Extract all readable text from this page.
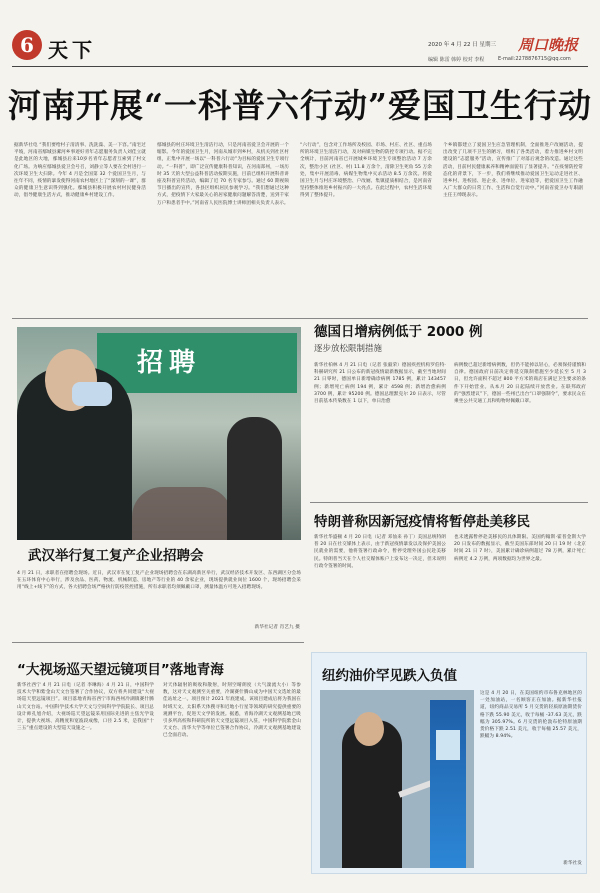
6 天下	2020 年 4 月 22 日 星期三 周口晚报
编辑 陈雷 韩婷 校对 李程	E-mail:2278876715@qq.com
河南开展“一科普六行动”爱国卫生行动
据新华社电 “我们要给村子清清事、洗洗澡、美一下容。”南宅过平坡，河南省鄢城县漯河乡事迹好青年志愿服务负责人刘佳立就是此地区的大地，鄢城县后来10岁名青年志愿者互索到了村文化广场。为响应鄢城县爱卫会号召，刘静立等人要在全村进行一次环境卫生大扫除。今年 4 月是全国第 32 个爱国卫生月，与往年不同，疫情的暴发使得河南农村地区上了“深刻的一课”，群众的健康卫生意识得到强化。鄢城县积极开展农村村民健身活动，倡导健康生活方式，推动健康乡村建设工作。
鄢城县的村庄环境卫生清洁行动，只是河南省爱卫会开展的一个缩影。今年的爱国卫生月，河南从城市到乡村，从机关到社区村组，正集中开展一场以“一科普六行动”为目标的爱国卫生专项行动。“一科普”，即广泛宣传健康科普知识，在河南郑州，一场历时 35 天的大型公益科普活动按期实施，目前已组织开展科普讲座及科普宣传活动，编辑了近 70 名专家参与。通过 60 期视频节目播出的宣传，各县区组织居民参观学习。“我们想通过这种方式，把疫情下大家最关心的居家健康问题解答清楚，送到千家万户和患者手中。”河南省人民医院博士讲师团相关负责人表示。
“六行动”，包含对工作场所及校园、市场、村庄、社区、重点场所的环境卫生清洁行动，及对病媒生物的防控专项行动。据不完全统计，目前河南省已开展城乡环境卫生专项整治活动 7 万余次，整治小区 (社区、村) 11.8 万余个，清除卫生死角 55 万余处，集中开展消毒、病媒生物集中灭杀活动 8.5 万余次。将爱国卫生月与村庄环境整治、户改厕、集镇提质相结合，是河南省坚持整体推进乡村振兴的一大亮点。在此过程中，农村生活环境得到了整体提升。
个乡镇都建立了爱国卫生应急管理机制，全面推进户改厕活动，提出改变了几项不卫生的陋习，组织了各类活动，着力推进乡村文明建设的“志愿服务”活动，宣传推广了对落后观念的改造。通过这些活动，目前村民健康素养和精神面貌有了显著提升。“在疫情防控常态化的背景下，下一步，我们将继续推动爱国卫生运动走进社区、进乡村、进校园、进企业、进单位、进家庭等，把爱国卫生工作融入广大群众的日常工作、生活和自觉行动中。”河南省爱卫办专职副主任王绅现表示。
招聘
武汉举行复工复产企业招聘会
4 月 21 日，求职者在招聘会现场。近日，武汉市在复工复产企业现场招聘会在东湖高新区举行，武汉经济技术开发区、东西湖区分会场在五环体育中心举行，涉及食品、医药、物流、机械制造、房地产等行业的 40 余家企业，现场提供就业岗位 1600 个，现场招聘会采用“线上+线下”的方式，各大招聘会场严格执行防疫管控措施，所有求职者均须佩戴口罩，测量体温方可进入招聘现场。
新华社记者 肖艺九 摄
“大视场巡天望远镜项目”落地青海
新华社西宁 4 月 21 日电（记者 李琳海）4 月 21 日，中国科学技术大学和紫金山天文台签署了合作协议，双方将共同建设“大视场巡天望远镜项目”。项目落地青海省西宁市海西州冷湖镇赛什腾山天文台站。中国科学技术大学天文与空间科学学院院长、项目总设计师孔旭介绍，大视场巡天望远镜采用国际先进的主焦光学设计，提供大视场、高精度和宽波段成像，口径 2.5 米，是我国“十三五”重点建设的大型巡天设施之一。
对天体辐射的吸收和散射，时刻空晴朗度（大气湍流大小）等参数，这对天文观测至关重要，冷湖赛什腾山成为中国天文选址的最佳站址之一。项目预计 2021 年底建成。该项目建成后将为我国在时域天文、太阳系天体搜寻和近地小行星等领域的研究提供重要的观测平台，促进天文学的发展。据悉，青海冷湖天文观测基地已吸引多所高校和科研院所的天文望远镜项目入驻，中国科学院紫金山天文台、清华大学等单位已签署合作协议，冷湖天文观测基地建设已全面启动。
德国日增病例低于 2000 例
逐步放松限制措施
新华社柏林 4 月 21 日电（记者 张毅荣）德国疾控机构罗伯特·科赫研究所 21 日公布的新冠疫情最新数据显示，截至当地时间 21 日零时，德国单日新增确诊病例 1785 例，累计 143457 例；新增死亡病例 194 例，累计 4598 例；新增治愈病例 3700 例，累计 95200 例。德国总理默克尔 20 日表示，尽管目前基本传染数在 1 以下，单日治愈
病例数已超过新增病例数，但仍不能掉以轻心，必须保持谨慎和自律。德国政府日前决定将延交限制措施至少延长至 5 月 3 日，但允许面积不超过 800 平方米的商店在满足卫生要求的条件下开始营业。从本月 20 日起陆续开放营业。在联邦政府的“强烈建议”下，德国一些州已出台“口罩强制令”，要求民众在乘坐公共交通工具和购物时佩戴口罩。
特朗普称因新冠疫情将暂停赴美移民
新华社华盛顿 4 月 20 日电（记者 邓仙来 孙丁）美国总统特朗普 20 日在社交媒体上表示，由于新冠疫情暴发以及保护美国公民就业的需要，他将签署行政命令，暂停受理外国公民赴美移民。特朗普当天在个人社交媒体账户上发布这一决定，但未说明行政令签署的时间。
也未透露暂停赴美移民的具体期限。美国约翰斯·霍普金斯大学 20 日发布的数据显示，截至美国东部时间 20 日 19 时（北京时间 21 日 7 时），美国累计确诊病例超过 78 万例，累计死亡病例近 4.2 万例，两项数据均为世界之最。
纽约油价罕见跌入负值
这是 4 月 20 日，在美国纽约市布鲁克林地区的一处加油站，一名顾客正在加油。据新华社报道，纽约商品交易所 5 月交货的轻质原油期货价格下跌 55.90 美元，收于每桶 -37.63 美元，跌幅为 305.97%。6 月交货的伦敦布伦特原油期货价格下跌 2.51 美元，收于每桶 25.57 美元，跌幅为 8.94%。
新华社发
